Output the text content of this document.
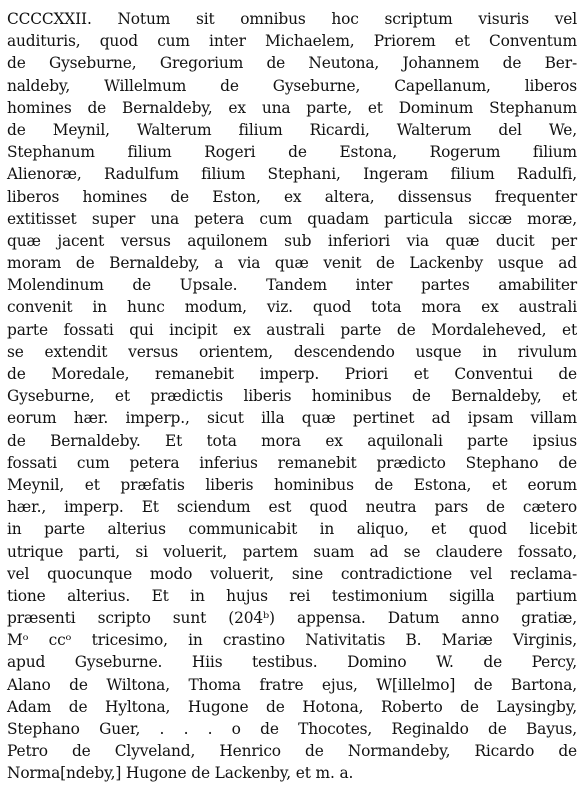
CCCCXXII. Notum sit omnibus hoc scriptum visuris vel
audituris, quod cum inter Michaelem, Priorem et Conventum
de Gyseburne, Gregorium de Neutona, Johannem de Ber-
naldeby, Willelmum de Gyseburne, Capellanum, liberos
homines de Bernaldeby, ex una parte, et Dominum Stephanum
de Meynil, Walterum filium Ricardi, Walterum del We,
Stephanum filium Rogeri de Estona, Rogerum filium
Alienoræ, Radulfum filium Stephani, Ingeram filium Radulfi,
liberos homines de Eston, ex altera, dissensus frequenter
extitisset super una petera cum quadam particula siccæ moræ,
quæ jacent versus aquilonem sub inferiori via quæ ducit per
moram de Bernaldeby, a via quæ venit de Lackenby usque ad
Molendinum de Upsale. Tandem inter partes amabiliter
convenit in hunc modum, viz. quod tota mora ex australi
parte fossati qui incipit ex australi parte de Mordaleheved, et
se extendit versus orientem, descendendo usque in rivulum
de Moredale, remanebit imperp. Priori et Conventui de
Gyseburne, et prædictis liberis hominibus de Bernaldeby, et
eorum hær. imperp., sicut illa quæ pertinet ad ipsam villam
de Bernaldeby. Et tota mora ex aquilonali parte ipsius
fossati cum petera inferius remanebit prædicto Stephano de
Meynil, et præfatis liberis hominibus de Estona, et eorum
hær., imperp. Et sciendum est quod neutra pars de cætero
in parte alterius communicabit in aliquo, et quod licebit
utrique parti, si voluerit, partem suam ad se claudere fossato,
vel quocunque modo voluerit, sine contradictione vel reclama-
tione alterius. Et in hujus rei testimonium sigilla partium
præsenti scripto sunt (204ᵇ) appensa. Datum anno gratiæ,
Mᵒ ccᵒ tricesimo, in crastino Nativitatis B. Mariæ Virginis,
apud Gyseburne. Hiis testibus. Domino W. de Percy,
Alano de Wiltona, Thoma fratre ejus, W[illelmo] de Bartona,
Adam de Hyltona, Hugone de Hotona, Roberto de Laysingby,
Stephano Guer, . . . o de Thocotes, Reginaldo de Bayus,
Petro de Clyveland, Henrico de Normandeby, Ricardo de
Norma[ndeby,] Hugone de Lackenby, et m. a.
